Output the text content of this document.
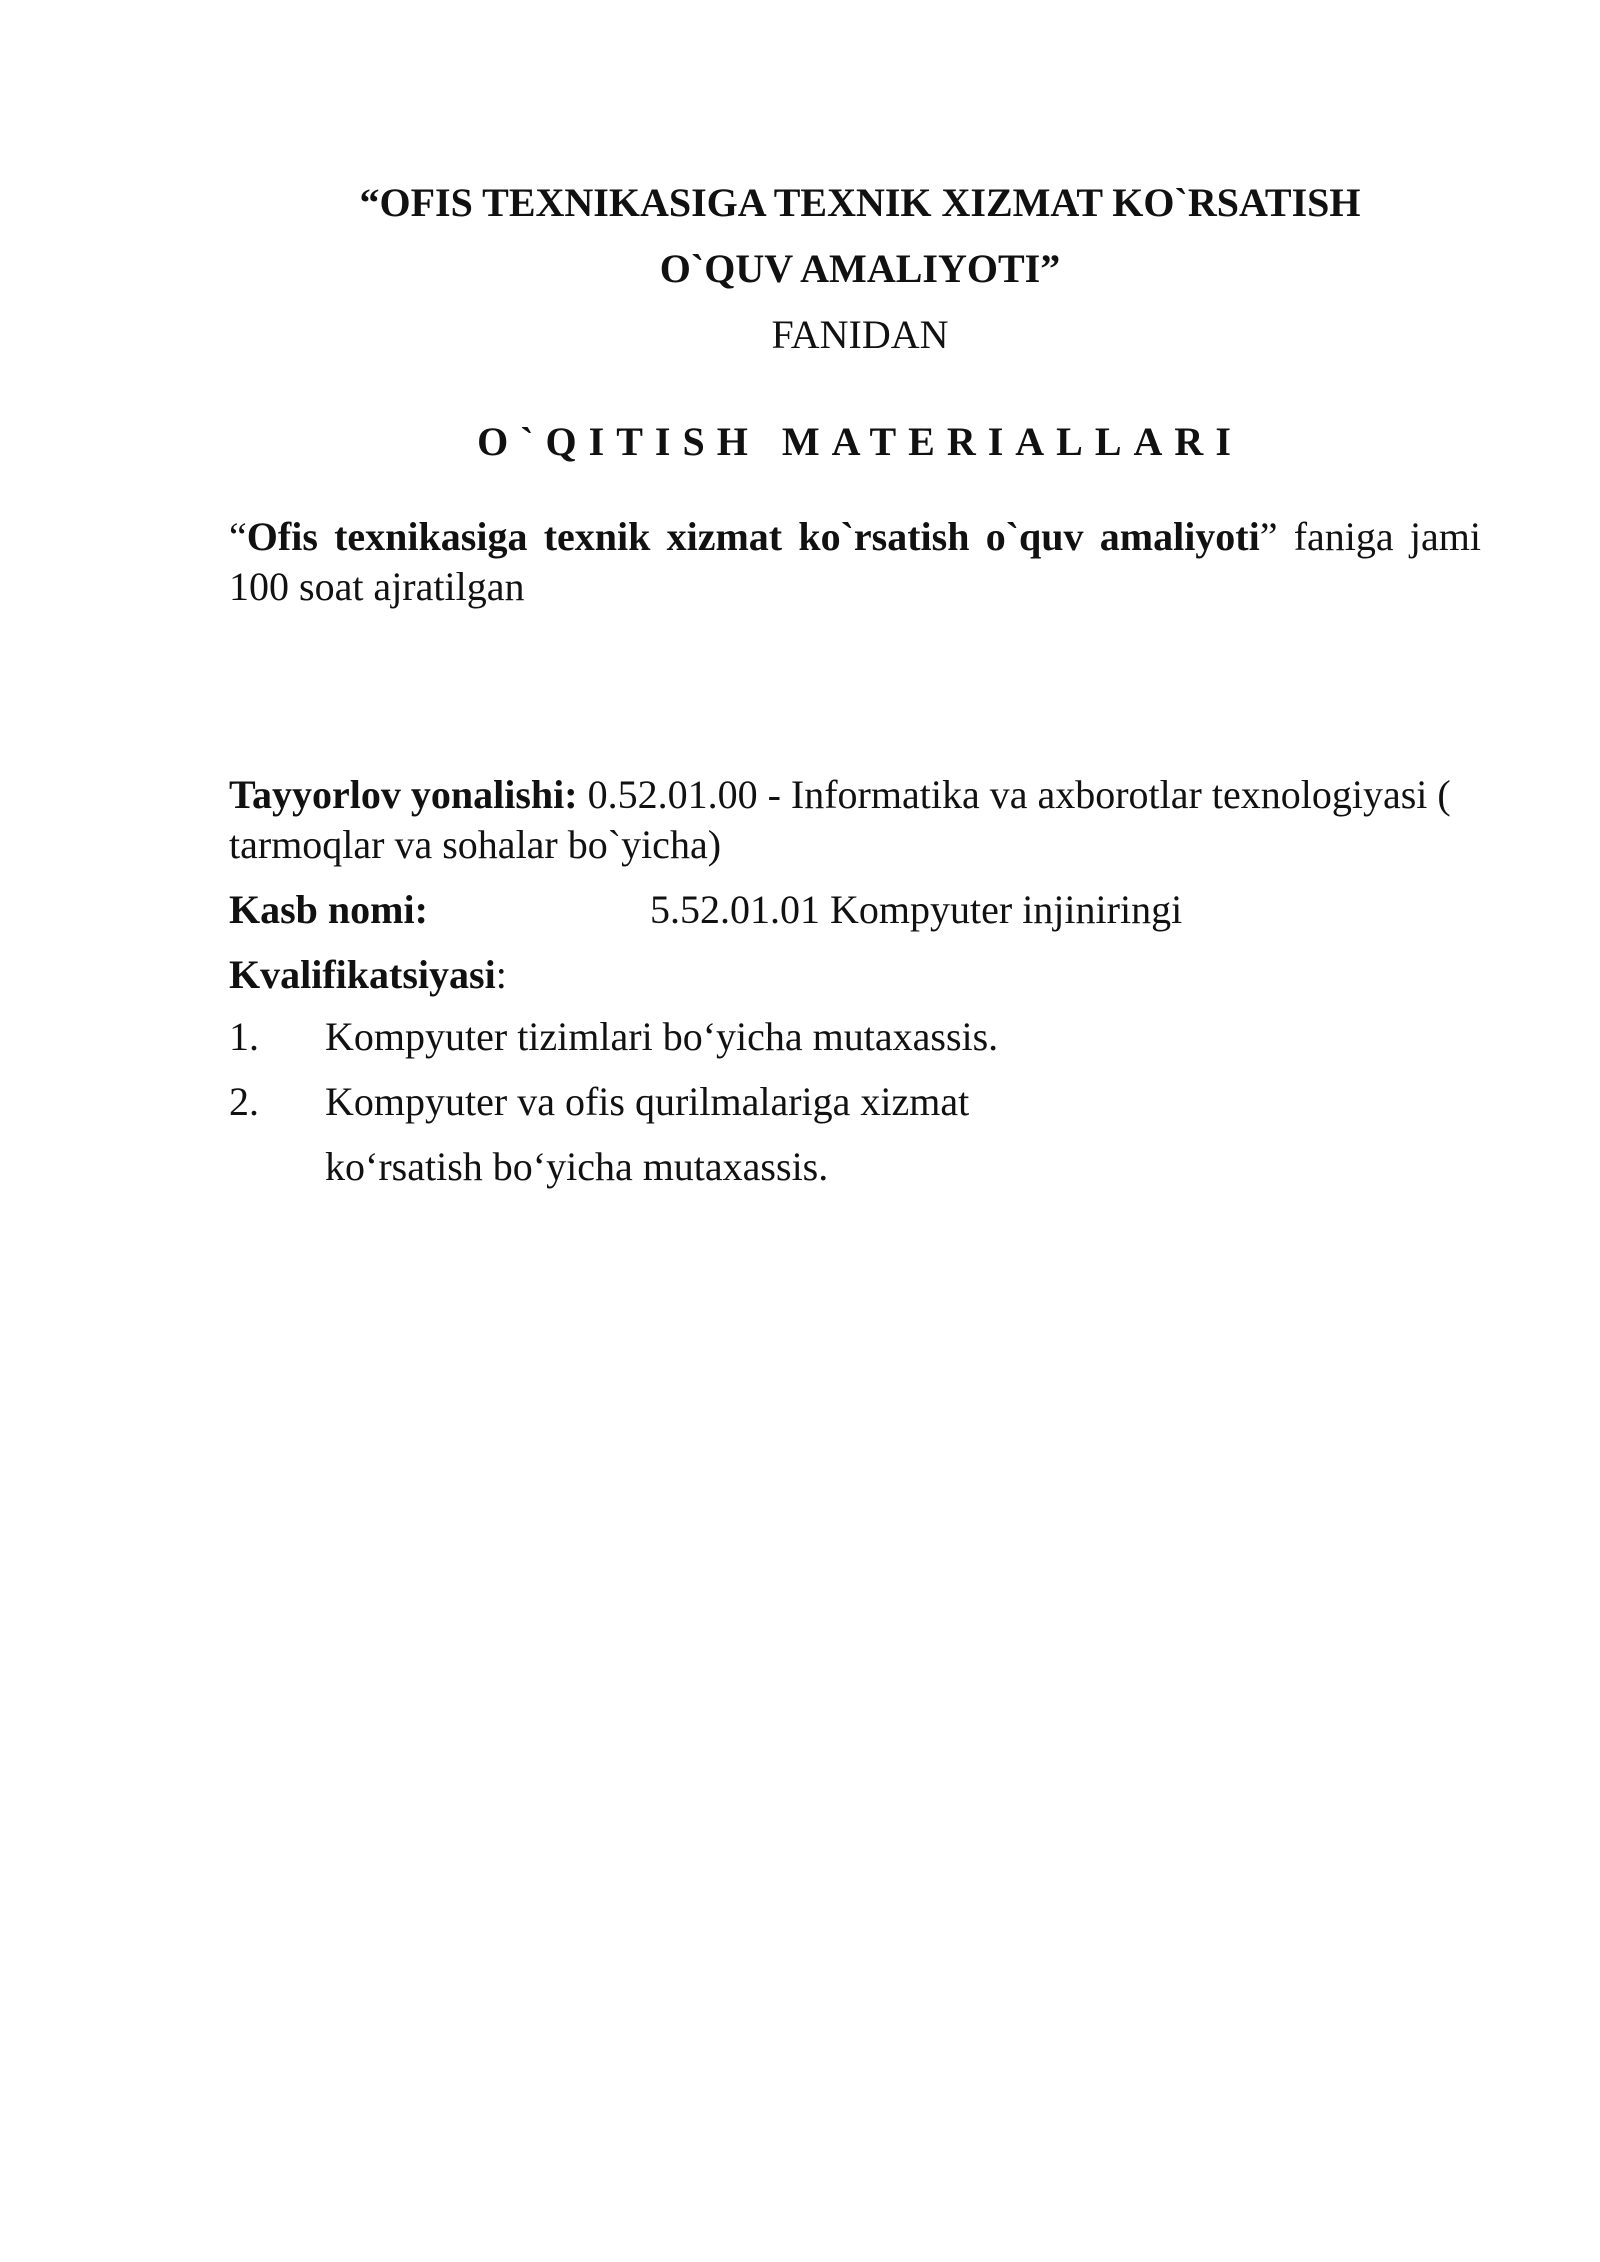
“OFIS TEXNIKASIGA TEXNIK XIZMAT KO`RSATISH
O`QUV AMALIYOTI”
FANIDAN
O`QITISH MATERIALLARI
“Ofis texnikasiga texnik xizmat ko`rsatish o`quv amaliyoti” faniga jami 100 soat ajratilgan
Tayyorlov yonalishi: 0.52.01.00 - Informatika va axborotlar texnologiyasi ( tarmoqlar va sohalar bo`yicha)
Kasb nomi:	5.52.01.01 Kompyuter injiniringi
Kvalifikatsiyasi:
1.	Kompyuter tizimlari bo‘yicha mutaxassis.
2.	Kompyuter va ofis qurilmalariga xizmat ko‘rsatish bo‘yicha mutaxassis.
